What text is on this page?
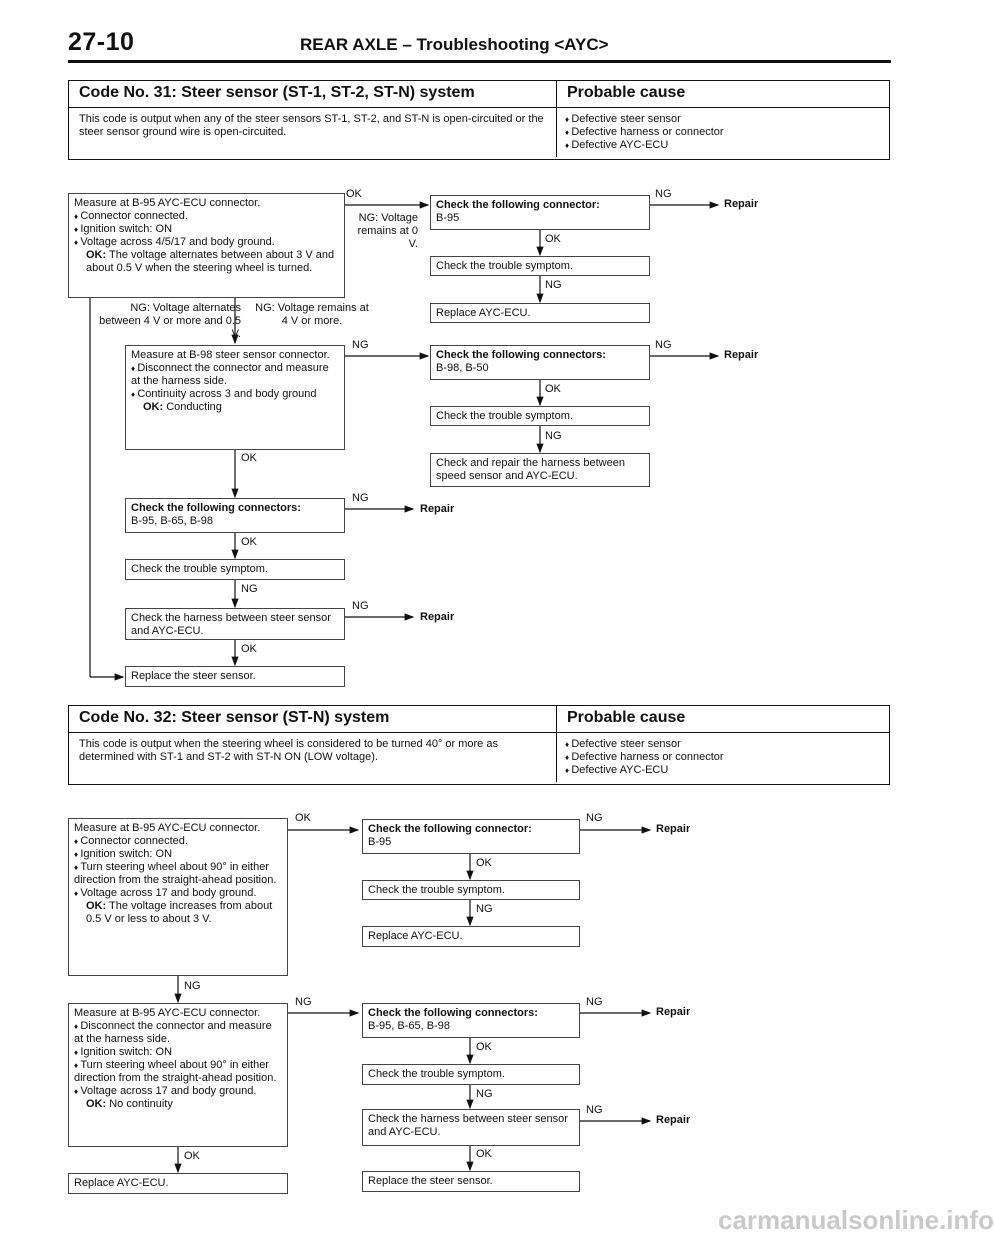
27-10	REAR AXLE – Troubleshooting <AYC>
Code No. 31: Steer sensor (ST-1, ST-2, ST-N) system	Probable cause
This code is output when any of the steer sensors ST-1, ST-2, and ST-N is open-circuited or the steer sensor ground wire is open-circuited.
♦ Defective steer sensor
♦ Defective harness or connector
♦ Defective AYC-ECU
Measure at B-95 AYC-ECU connector.
♦ Connector connected.
♦ Ignition switch: ON
♦ Voltage across 4/5/17 and body ground.
OK: The voltage alternates between about 3 V and about 0.5 V when the steering wheel is turned.
OK
NG: Voltage remains at 0 V.
Check the following connector:
B-95
NG
Repair
OK
Check the trouble symptom.
NG
Replace AYC-ECU.
NG: Voltage alternates between 4 V or more and 0.5 V.
NG: Voltage remains at 4 V or more.
Measure at B-98 steer sensor connector.
♦ Disconnect the connector and measure at the harness side.
♦ Continuity across 3 and body ground
OK: Conducting
NG
Check the following connectors:
B-98, B-50
NG
Repair
OK
Check the trouble symptom.
NG
Check and repair the harness between speed sensor and AYC-ECU.
OK
Check the following connectors:
B-95, B-65, B-98
NG
Repair
OK
Check the trouble symptom.
NG
Check the harness between steer sensor and AYC-ECU.
NG
Repair
OK
Replace the steer sensor.
Code No. 32: Steer sensor (ST-N) system	Probable cause
This code is output when the steering wheel is considered to be turned 40° or more as determined with ST-1 and ST-2 with ST-N ON (LOW voltage).
♦ Defective steer sensor
♦ Defective harness or connector
♦ Defective AYC-ECU
Measure at B-95 AYC-ECU connector.
♦ Connector connected.
♦ Ignition switch: ON
♦ Turn steering wheel about 90° in either direction from the straight-ahead position.
♦ Voltage across 17 and body ground.
OK: The voltage increases from about 0.5 V or less to about 3 V.
OK
Check the following connector:
B-95
NG
Repair
OK
Check the trouble symptom.
NG
Replace AYC-ECU.
NG
Measure at B-95 AYC-ECU connector.
♦ Disconnect the connector and measure at the harness side.
♦ Ignition switch: ON
♦ Turn steering wheel about 90° in either direction from the straight-ahead position.
♦ Voltage across 17 and body ground.
OK: No continuity
NG
Check the following connectors:
B-95, B-65, B-98
NG
Repair
OK
Check the trouble symptom.
NG
Check the harness between steer sensor and AYC-ECU.
NG
Repair
OK
Replace the steer sensor.
OK
Replace AYC-ECU.
carmanualsonline.info
